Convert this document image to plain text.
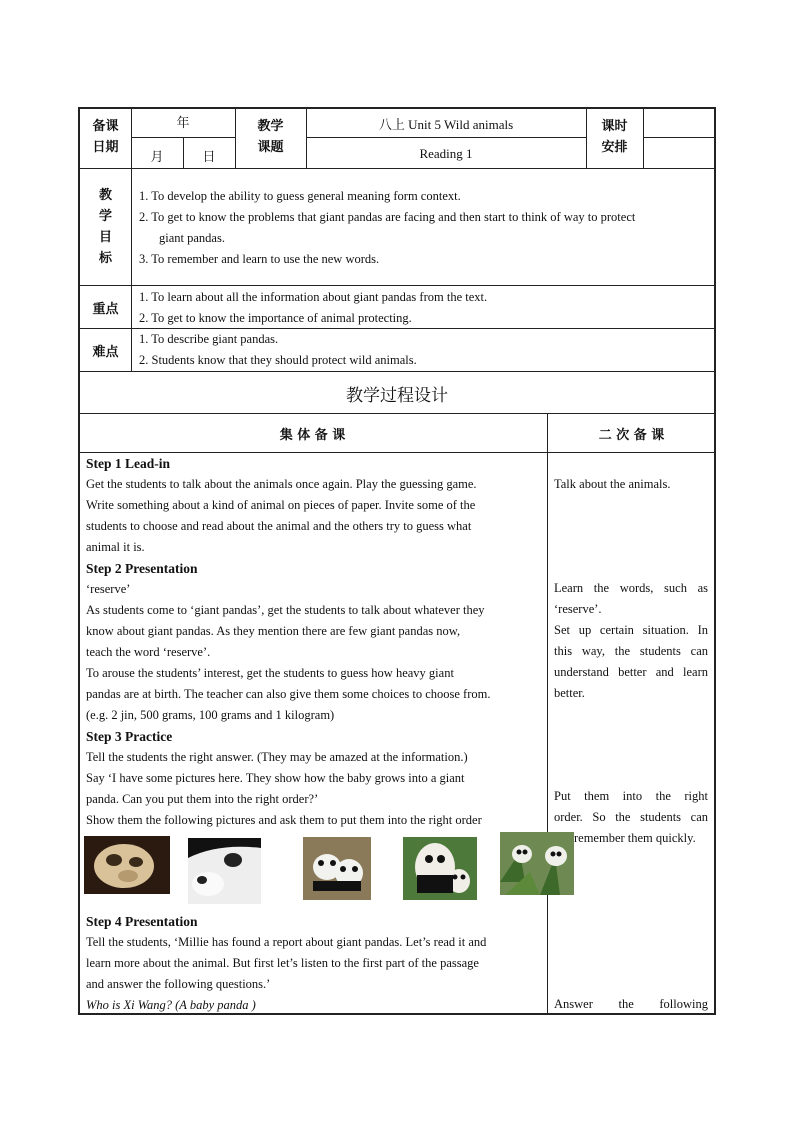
备课
日期
年
月	日
教学
课题
八上 Unit 5 Wild animals
Reading 1
课时
安排
教
学
目
标
1. To develop the ability to guess general meaning form context.
2. To get to know the problems that giant pandas are facing and then start to think of way to protect
giant pandas.
3. To remember and learn to use the new words.
重点
1. To learn about all the information about giant pandas from the text.
2. To get to know the importance of animal protecting.
难点
1. To describe giant pandas.
2. Students know that they should protect wild animals.
教学过程设计
集 体 备 课	二 次 备 课
Step 1 Lead-in
Get the students to talk about the animals once again. Play the guessing game.
Write something about a kind of animal on pieces of paper. Invite some of the
students to choose and read about the animal and the others try to guess what
animal it is.
Step 2 Presentation
‘reserve’
As students come to ‘giant pandas’, get the students to talk about whatever they
know about giant pandas. As they mention there are few giant pandas now,
teach the word ‘reserve’.
To arouse the students’ interest, get the students to guess how heavy giant
pandas are at birth. The teacher can also give them some choices to choose from.
(e.g. 2 jin, 500 grams, 100 grams and 1 kilogram)
Step 3 Practice
Tell the students the right answer. (They may be amazed at the information.)
Say ‘I have some pictures here. They show how the baby grows into a giant
panda. Can you put them into the right order?’
Show them the following pictures and ask them to put them into the right order
Step 4 Presentation
Tell the students, ‘Millie has found a report about giant pandas. Let’s read it and
learn more about the animal. But first let’s listen to the first part of the passage
and answer the following questions.’
Who is Xi Wang? (A baby panda )
Talk about the animals.
Learn the words, such as
‘reserve’.
Set up certain situation. In
this way, the students can
understand better and learn
better.
Put them into the right
order. So the students can
remember them quickly.
Answer the following
